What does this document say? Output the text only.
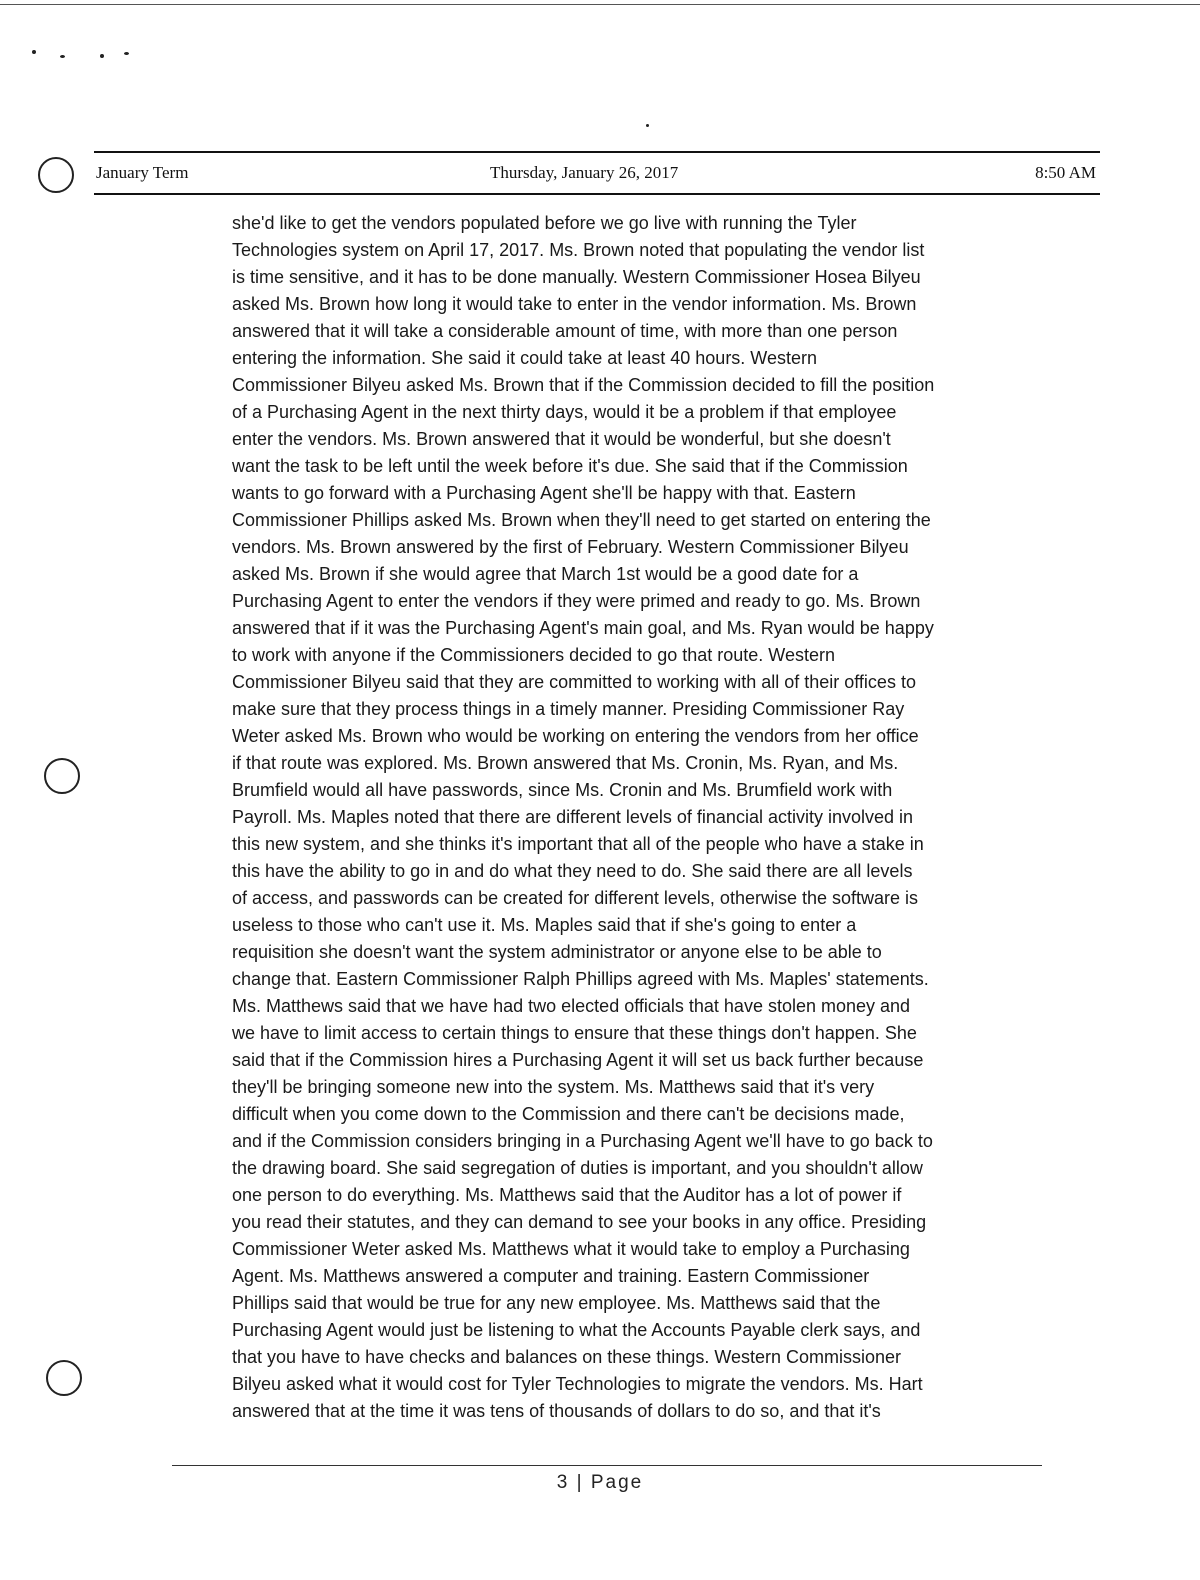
January Term	Thursday, January 26, 2017	8:50 AM
she'd like to get the vendors populated before we go live with running the Tyler
Technologies system on April 17, 2017. Ms. Brown noted that populating the vendor list
is time sensitive, and it has to be done manually. Western Commissioner Hosea Bilyeu
asked Ms. Brown how long it would take to enter in the vendor information. Ms. Brown
answered that it will take a considerable amount of time, with more than one person
entering the information. She said it could take at least 40 hours. Western
Commissioner Bilyeu asked Ms. Brown that if the Commission decided to fill the position
of a Purchasing Agent in the next thirty days, would it be a problem if that employee
enter the vendors. Ms. Brown answered that it would be wonderful, but she doesn't
want the task to be left until the week before it's due. She said that if the Commission
wants to go forward with a Purchasing Agent she'll be happy with that. Eastern
Commissioner Phillips asked Ms. Brown when they'll need to get started on entering the
vendors. Ms. Brown answered by the first of February. Western Commissioner Bilyeu
asked Ms. Brown if she would agree that March 1st would be a good date for a
Purchasing Agent to enter the vendors if they were primed and ready to go. Ms. Brown
answered that if it was the Purchasing Agent's main goal, and Ms. Ryan would be happy
to work with anyone if the Commissioners decided to go that route. Western
Commissioner Bilyeu said that they are committed to working with all of their offices to
make sure that they process things in a timely manner. Presiding Commissioner Ray
Weter asked Ms. Brown who would be working on entering the vendors from her office
if that route was explored. Ms. Brown answered that Ms. Cronin, Ms. Ryan, and Ms.
Brumfield would all have passwords, since Ms. Cronin and Ms. Brumfield work with
Payroll. Ms. Maples noted that there are different levels of financial activity involved in
this new system, and she thinks it's important that all of the people who have a stake in
this have the ability to go in and do what they need to do. She said there are all levels
of access, and passwords can be created for different levels, otherwise the software is
useless to those who can't use it. Ms. Maples said that if she's going to enter a
requisition she doesn't want the system administrator or anyone else to be able to
change that. Eastern Commissioner Ralph Phillips agreed with Ms. Maples' statements.
Ms. Matthews said that we have had two elected officials that have stolen money and
we have to limit access to certain things to ensure that these things don't happen. She
said that if the Commission hires a Purchasing Agent it will set us back further because
they'll be bringing someone new into the system. Ms. Matthews said that it's very
difficult when you come down to the Commission and there can't be decisions made,
and if the Commission considers bringing in a Purchasing Agent we'll have to go back to
the drawing board. She said segregation of duties is important, and you shouldn't allow
one person to do everything. Ms. Matthews said that the Auditor has a lot of power if
you read their statutes, and they can demand to see your books in any office. Presiding
Commissioner Weter asked Ms. Matthews what it would take to employ a Purchasing
Agent. Ms. Matthews answered a computer and training. Eastern Commissioner
Phillips said that would be true for any new employee. Ms. Matthews said that the
Purchasing Agent would just be listening to what the Accounts Payable clerk says, and
that you have to have checks and balances on these things. Western Commissioner
Bilyeu asked what it would cost for Tyler Technologies to migrate the vendors. Ms. Hart
answered that at the time it was tens of thousands of dollars to do so, and that it's
3 | Page
